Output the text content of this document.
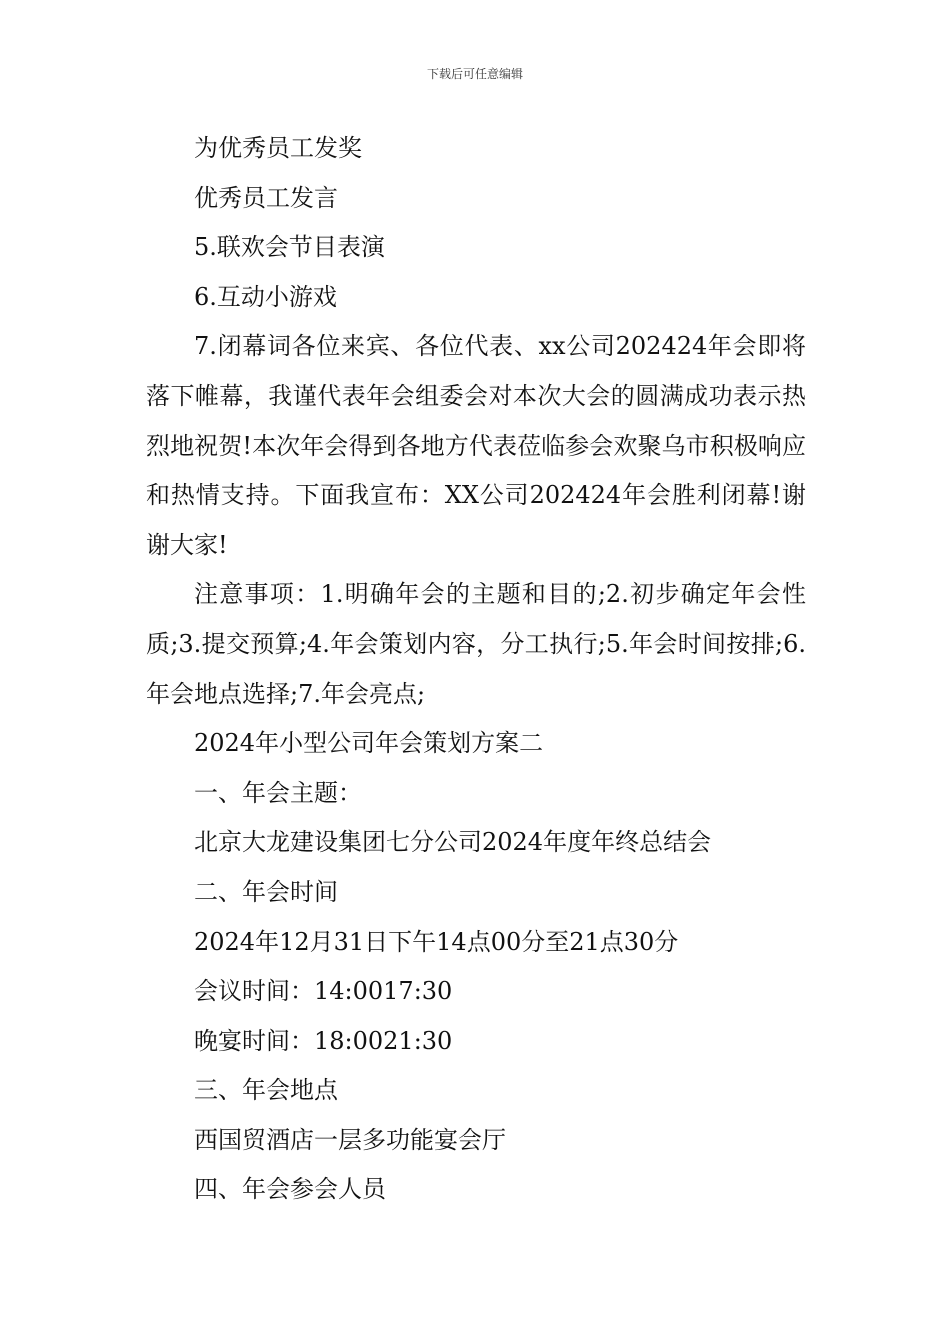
下载后可任意编辑

为优秀员工发奖

优秀员工发言

5.联欢会节目表演

6.互动小游戏

7.闭幕词各位来宾、各位代表、xx公司202424年会即将落下帷幕，我谨代表年会组委会对本次大会的圆满成功表示热烈地祝贺!本次年会得到各地方代表莅临参会欢聚乌市积极响应和热情支持。下面我宣布：XX公司202424年会胜利闭幕!谢谢大家!

注意事项：1.明确年会的主题和目的;2.初步确定年会性质;3.提交预算;4.年会策划内容，分工执行;5.年会时间按排;6.年会地点选择;7.年会亮点;

2024年小型公司年会策划方案二

一、年会主题：

北京大龙建设集团七分公司2024年度年终总结会

二、年会时间

2024年12月31日下午14点00分至21点30分

会议时间：14:0017:30

晚宴时间：18:0021:30

三、年会地点

西国贸酒店一层多功能宴会厅

四、年会参会人员
